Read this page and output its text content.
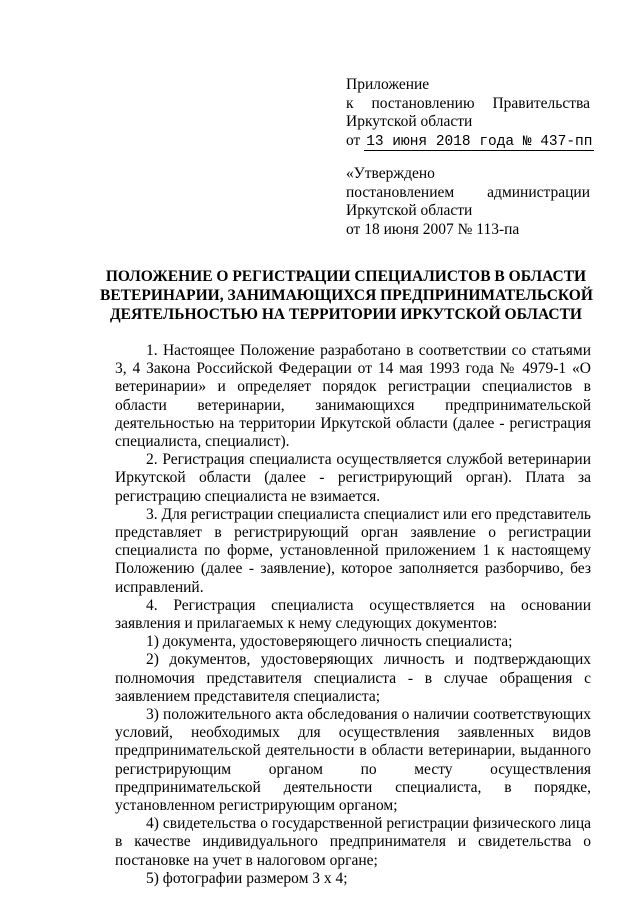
Приложение
к постановлению Правительства
Иркутской области
от 13 июня 2018 года № 437-пп
«Утверждено
постановлением администрации
Иркутской области
от 18 июня 2007 № 113-па
ПОЛОЖЕНИЕ О РЕГИСТРАЦИИ СПЕЦИАЛИСТОВ В ОБЛАСТИ
ВЕТЕРИНАРИИ, ЗАНИМАЮЩИХСЯ ПРЕДПРИНИМАТЕЛЬСКОЙ
ДЕЯТЕЛЬНОСТЬЮ НА ТЕРРИТОРИИ ИРКУТСКОЙ ОБЛАСТИ

1. Настоящее Положение разработано в соответствии со статьями 3, 4 Закона Российской Федерации от 14 мая 1993 года № 4979-1 «О ветеринарии» и определяет порядок регистрации специалистов в области ветеринарии, занимающихся предпринимательской деятельностью на территории Иркутской области (далее - регистрация специалиста, специалист).

2. Регистрация специалиста осуществляется службой ветеринарии Иркутской области (далее - регистрирующий орган). Плата за регистрацию специалиста не взимается.

3. Для регистрации специалиста специалист или его представитель представляет в регистрирующий орган заявление о регистрации специалиста по форме, установленной приложением 1 к настоящему Положению (далее - заявление), которое заполняется разборчиво, без исправлений.

4. Регистрация специалиста осуществляется на основании заявления и прилагаемых к нему следующих документов:

1) документа, удостоверяющего личность специалиста;

2) документов, удостоверяющих личность и подтверждающих полномочия представителя специалиста - в случае обращения с заявлением представителя специалиста;

3) положительного акта обследования о наличии соответствующих условий, необходимых для осуществления заявленных видов предпринимательской деятельности в области ветеринарии, выданного регистрирующим органом по месту осуществления предпринимательской деятельности специалиста, в порядке, установленном регистрирующим органом;

4) свидетельства о государственной регистрации физического лица в качестве индивидуального предпринимателя и свидетельства о постановке на учет в налоговом органе;

5) фотографии размером 3 х 4;
